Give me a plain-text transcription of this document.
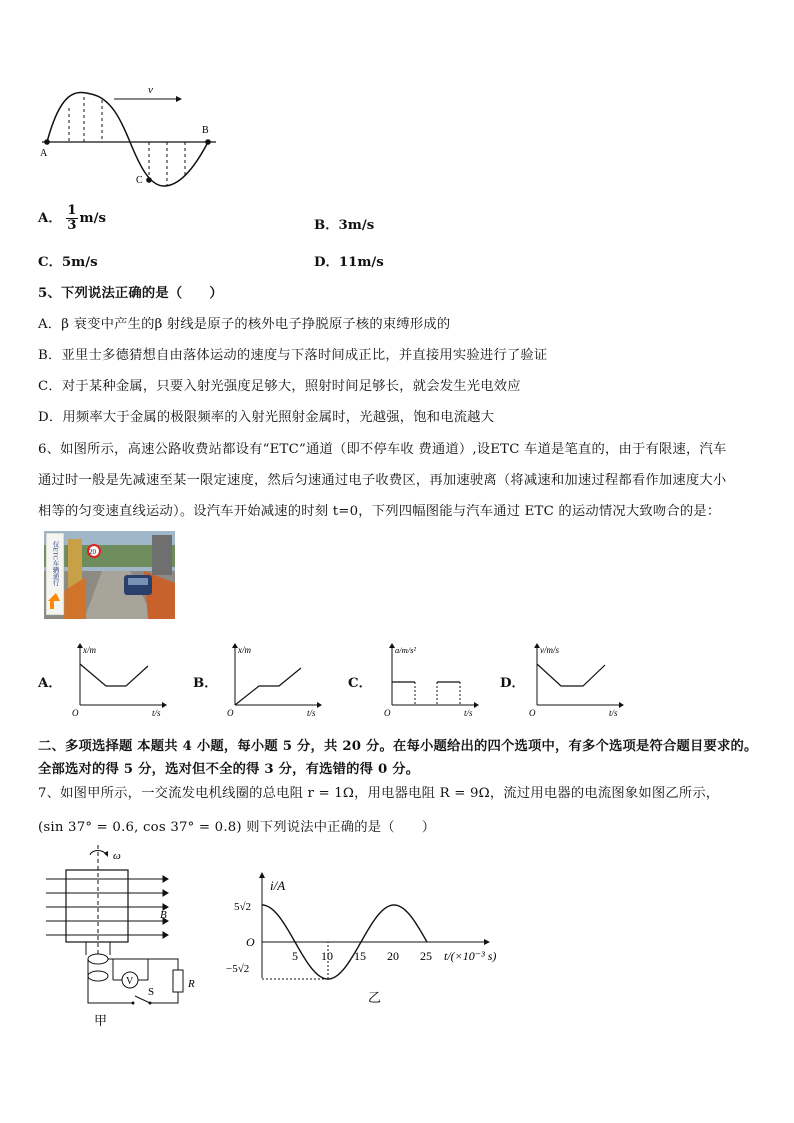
v
A
B
C
A． $\frac{1}{3} m/s$	B．3m/s
C．5m/s	D．11m/s
5、下列说法正确的是（　　）
A．β 衰变中产生的β 射线是原子的核外电子挣脱原子核的束缚形成的
B．亚里士多德猜想自由落体运动的速度与下落时间成正比，并直接用实验进行了验证
C．对于某种金属，只要入射光强度足够大，照射时间足够长，就会发生光电效应
D．用频率大于金属的极限频率的入射光照射金属时，光越强，饱和电流越大
6、如图所示，高速公路收费站都设有“ETC”通道（即不停车收 费通道）,设ETC 车道是笔直的，由于有限速，汽车
通过时一般是先减速至某一限定速度，然后匀速通过电子收费区，再加速驶离（将减速和加速过程都看作加速度大小
相等的匀变速直线运动）。设汽车开始减速的时刻 t=0，下列四幅图能与汽车通过 ETC 的运动情况大致吻合的是：
20
仅ETC车辆通行
A．
x/m
t/s
O
B．
x/m
t/s
O
C．
a/m/s²
t/s
O
D．
v/m/s
t/s
O
二、多项选择题 本题共 4 小题，每小题 5 分，共 20 分。在每小题给出的四个选项中，有多个选项是符合题目要求的。
全部选对的得 5 分，选对但不全的得 3 分，有选错的得 0 分。
7、如图甲所示，一交流发电机线圈的总电阻 r = 1Ω，用电器电阻 R = 9Ω，流过用电器的电流图象如图乙所示，
(sin 37° = 0.6, cos 37° = 0.8) 则下列说法中正确的是（　　）
ω
B
R
S
V
甲
i/A
t/(×10⁻³ s)
O
5√2
−5√2
5 10 15 20 25
乙
